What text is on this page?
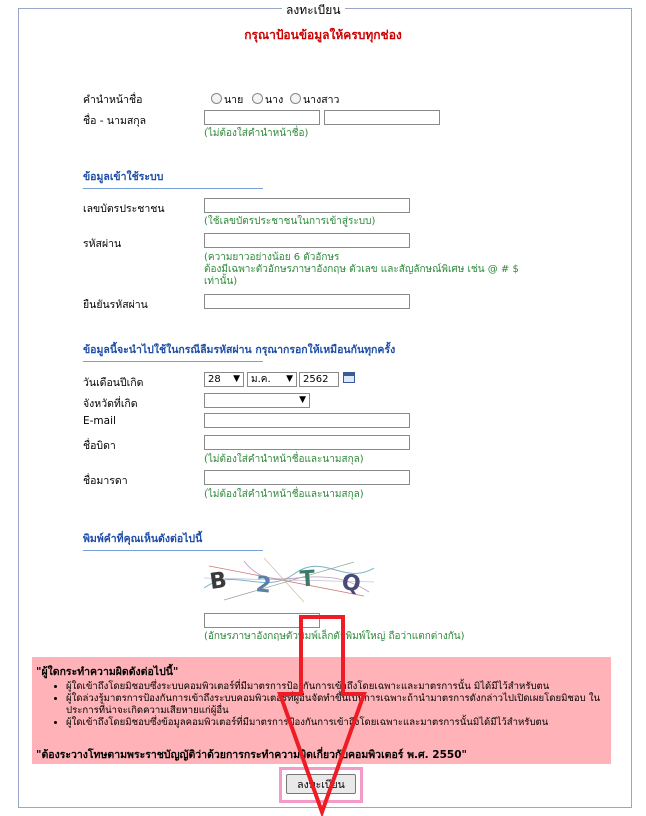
ลงทะเบียน
กรุณาป้อนข้อมูลให้ครบทุกช่อง
คำนำหน้าชื่อ	นาย นาง นางสาว
ชื่อ - นามสกุล
(ไม่ต้องใส่คำนำหน้าชื่อ)
ข้อมูลเข้าใช้ระบบ
เลขบัตรประชาชน
(ใช้เลขบัตรประชาชนในการเข้าสู่ระบบ)
รหัสผ่าน
(ความยาวอย่างน้อย 6 ตัวอักษร
ต้องมีเฉพาะตัวอักษรภาษาอังกฤษ ตัวเลข และสัญลักษณ์พิเศษ เช่น @ # $
เท่านั้น)
ยืนยันรหัสผ่าน
ข้อมูลนี้จะนำไปใช้ในกรณีลืมรหัสผ่าน กรุณากรอกให้เหมือนกันทุกครั้ง
วันเดือนปีเกิด	28 ▼	ม.ค. ▼	2562
จังหวัดที่เกิด	▼
E-mail
ชื่อบิดา
(ไม่ต้องใส่คำนำหน้าชื่อและนามสกุล)
ชื่อมารดา
(ไม่ต้องใส่คำนำหน้าชื่อและนามสกุล)
พิมพ์คำที่คุณเห็นดังต่อไปนี้
B 2 T Q
(อักษรภาษาอังกฤษตัวพิมพ์เล็กตัวพิมพ์ใหญ่ ถือว่าแตกต่างกัน)
"ผู้ใดกระทำความผิดดังต่อไปนี้"
• ผู้ใดเข้าถึงโดยมิชอบซึ่งระบบคอมพิวเตอร์ที่มีมาตรการป้องกันการเข้าถึงโดยเฉพาะและมาตรการนั้น มิได้มีไว้สำหรับตน
• ผู้ใดล่วงรู้มาตรการป้องกันการเข้าถึงระบบคอมพิวเตอร์ที่ผู้อื่นจัดทำขึ้นเป็นการเฉพาะถ้านำมาตรการดังกล่าวไปเปิดเผยโดยมิชอบ ในประการที่น่าจะเกิดความเสียหายแก่ผู้อื่น
• ผู้ใดเข้าถึงโดยมิชอบซึ่งข้อมูลคอมพิวเตอร์ที่มีมาตรการป้องกันการเข้าถึงโดยเฉพาะและมาตรการนั้นมิได้มีไว้สำหรับตน
"ต้องระวางโทษตามพระราชบัญญัติว่าด้วยการกระทำความผิดเกี่ยวกับคอมพิวเตอร์ พ.ศ. 2550"
ลงทะเบียน
